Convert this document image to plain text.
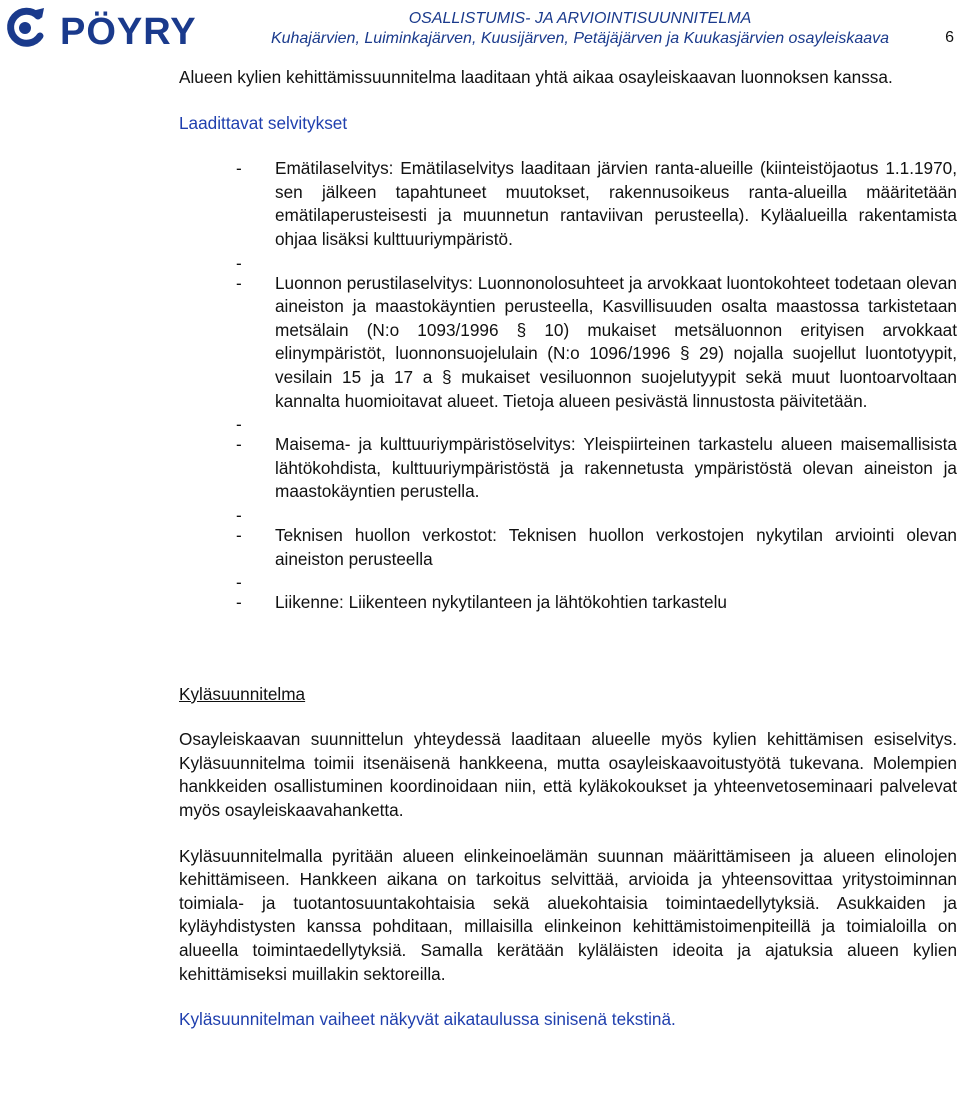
PÖYRY	OSALLISTUMIS- JA ARVIOINTISUUNNITELMA
Kuhajärvien, Luiminkajärven, Kuusijärven, Petäjäjärven ja Kuukasjärvien osayleiskaava	6

Alueen kylien kehittämissuunnitelma laaditaan yhtä aikaa osayleiskaavan luonnoksen kanssa.

Laadittavat selvitykset
- Emätilaselvitys: Emätilaselvitys laaditaan järvien ranta-alueille (kiinteistöjaotus 1.1.1970, sen jälkeen tapahtuneet muutokset, rakennusoikeus ranta-alueilla määritetään emätilaperusteisesti ja muunnetun rantaviivan perusteella). Kyläalueilla rakentamista ohjaa lisäksi kulttuuriympäristö.
-
- Luonnon perustilaselvitys: Luonnonolosuhteet ja arvokkaat luontokohteet todetaan olevan aineiston ja maastokäyntien perusteella, Kasvillisuuden osalta maastossa tarkistetaan metsälain (N:o 1093/1996 § 10) mukaiset metsäluonnon erityisen arvokkaat elinympäristöt, luonnonsuojelulain (N:o 1096/1996 § 29) nojalla suojellut luontotyypit, vesilain 15 ja 17 a § mukaiset vesiluonnon suojelutyypit sekä muut luontoarvoltaan kannalta huomioitavat alueet. Tietoja alueen pesivästä linnustosta päivitetään.
-
- Maisema- ja kulttuuriympäristöselvitys: Yleispiirteinen tarkastelu alueen maisemallisista lähtökohdista, kulttuuriympäristöstä ja rakennetusta ympäristöstä olevan aineiston ja maastokäyntien perustella.
-
- Teknisen huollon verkostot: Teknisen huollon verkostojen nykytilan arviointi olevan aineiston perusteella
-
- Liikenne: Liikenteen nykytilanteen ja lähtökohtien tarkastelu
Kyläsuunnitelma

Osayleiskaavan suunnittelun yhteydessä laaditaan alueelle myös kylien kehittämisen esiselvitys. Kyläsuunnitelma toimii itsenäisenä hankkeena, mutta osayleiskaavoitustyötä tukevana. Molempien hankkeiden osallistuminen koordinoidaan niin, että kyläkokoukset ja yhteenvetoseminaari palvelevat myös osayleiskaavahanketta.

Kyläsuunnitelmalla pyritään alueen elinkeinoelämän suunnan määrittämiseen ja alueen elinolojen kehittämiseen. Hankkeen aikana on tarkoitus selvittää, arvioida ja yhteensovittaa yritystoiminnan toimiala- ja tuotantosuuntakohtaisia sekä aluekohtaisia toimintaedellytyksiä. Asukkaiden ja kyläyhdistysten kanssa pohditaan, millaisilla elinkeinon kehittämistoimenpiteillä ja toimialoilla on alueella toimintaedellytyksiä. Samalla kerätään kyläläisten ideoita ja ajatuksia alueen kylien kehittämiseksi muillakin sektoreilla.

Kyläsuunnitelman vaiheet näkyvät aikataulussa sinisenä tekstinä.
